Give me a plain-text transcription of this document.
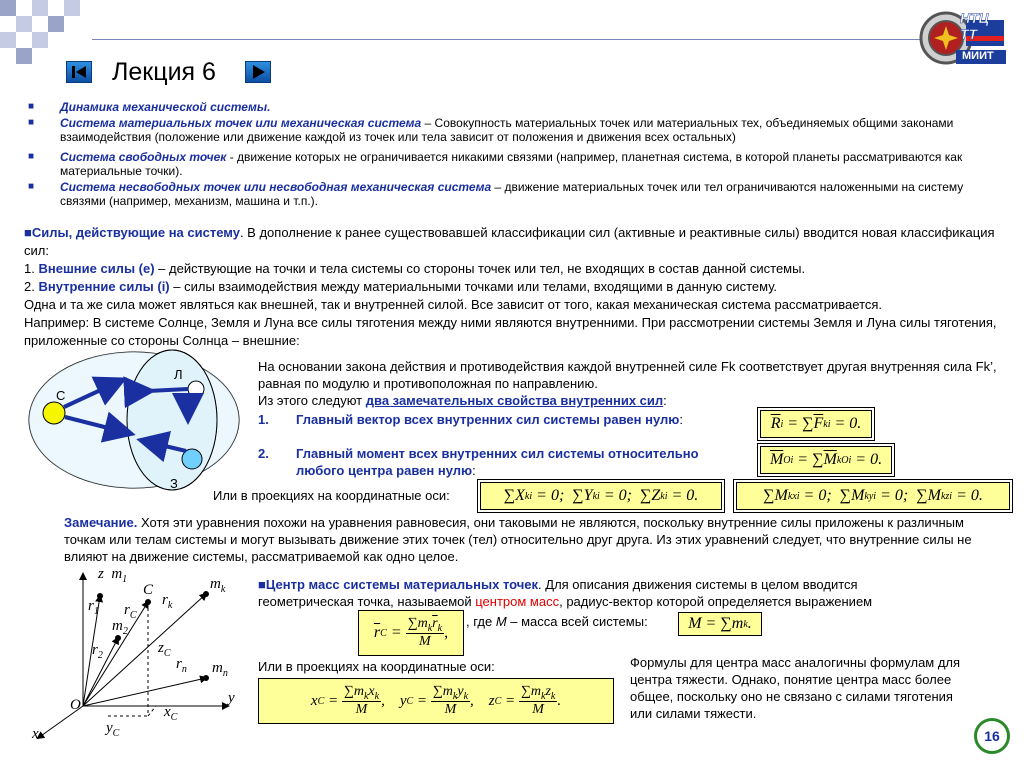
Лекция 6
НТЦ ТТ
МИИТ
■ Динамика механической системы.
■ Система материальных точек или механическая система – Совокупность материальных точек или материальных тех, объединяемых общими законами взаимодействия (положение или движение каждой из точек или тела зависит от положения и движения всех остальных)
■ Система свободных точек - движение которых не ограничивается никакими связями (например, планетная система, в которой планеты рассматриваются как материальные точки).
■ Система несвободных точек или несвободная механическая система – движение материальных точек или тел ограничиваются наложенными на систему связями (например, механизм, машина и т.п.).
■Силы, действующие на систему. В дополнение к ранее существовавшей классификации сил (активные и реактивные силы) вводится новая классификация сил:
1. Внешние силы (e) – действующие на точки и тела системы со стороны точек или тел, не входящих в состав данной системы.
2. Внутренние силы (i) – силы взаимодействия между материальными точками или телами, входящими в данную систему.
Одна и та же сила может являться как внешней, так и внутренней силой. Все зависит от того, какая механическая система рассматривается.
Например: В системе Солнце, Земля и Луна все силы тяготения между ними являются внутренними. При рассмотрении системы Земля и Луна силы тяготения, приложенные со стороны Солнца – внешние:
С
Л
З
На основании закона действия и противодействия каждой внутренней силе Fk соответствует другая внутренняя сила Fk’, равная по модулю и противоположная по направлению.
Из этого следуют два замечательных свойства внутренних сил:
1. Главный вектор всех внутренних сил системы равен нулю:
2. Главный момент всех внутренних сил системы относительно любого центра равен нулю:
Или в проекциях на координатные оси:
$\overline{R}$ i = ∑ $\overline{F}$ k i = 0.
$\overline{M}$ O i = ∑ $\overline{M}$ kO i = 0.
∑X k i = 0;  ∑Y k i = 0;  ∑Z k i = 0.	∑M kx i = 0;  ∑M ky i = 0;  ∑M kz i = 0.
Замечание. Хотя эти уравнения похожи на уравнения равновесия, они таковыми не являются, поскольку внутренние силы приложены к различным точкам или телам системы и могут вызывать движение этих точек (тел) относительно друг друга. Из этих уравнений следует, что внутренние силы не влияют на движение системы, рассматриваемой как одно целое.
z  $m_1$
C	$m_k$
$r_1$ $r_C$
$r_k$
$m_2$
$r_2$	$z_C$
$r_n$ $m_n$
O	y
$x_C$
$y_C$
x
■Центр масс системы материальных точек. Для описания движения системы в целом вводится геометрическая точка, называемой центром масс, радиус-вектор которой определяется выражением
$\overline{r}$ C =
$\sum m_k\overline{r}_k$
M
,
, где M – масса всей системы:	M = ∑m k .
Или в проекциях на координатные оси:
x C =
$\sum m_kx_k$
M
,    y C =
$\sum m_ky_k$
M
,    z C =
$\sum m_kz_k$
M
.
Формулы для центра масс аналогичны формулам для центра тяжести. Однако, понятие центра масс более общее, поскольку оно не связано с силами тяготения или силами тяжести.
16
